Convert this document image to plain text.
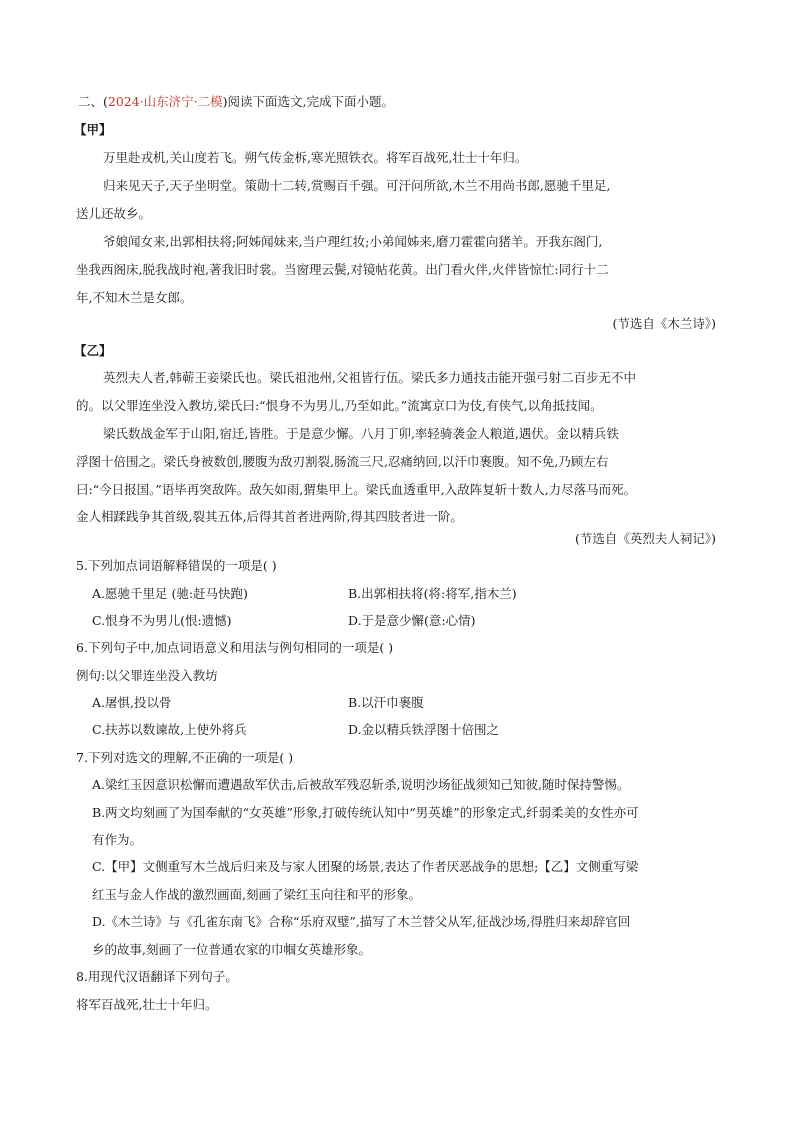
二、(2024·山东济宁·二模)阅读下面选文,完成下面小题。
【甲】
万里赴戎机,关山度若飞。朔气传金柝,寒光照铁衣。将军百战死,壮士十年归。
归来见天子,天子坐明堂。策勋十二转,赏赐百千强。可汗问所欲,木兰不用尚书郎,愿驰千里足,
送儿还故乡。
爷娘闻女来,出郭相扶将;阿姊闻妹来,当户理红妆;小弟闻姊来,磨刀霍霍向猪羊。开我东阁门,
坐我西阁床,脱我战时袍,著我旧时裳。当窗理云鬓,对镜帖花黄。出门看火伴,火伴皆惊忙:同行十二
年,不知木兰是女郎。
(节选自《木兰诗》)
【乙】
英烈夫人者,韩蕲王妾梁氏也。梁氏祖池州,父祖皆行伍。梁氏多力通技击能开强弓射二百步无不中
的。以父罪连坐没入教坊,梁氏曰:“恨身不为男儿,乃至如此。”流寓京口为伎,有侠气,以角抵技闻。
梁氏数战金军于山阳,宿迁,皆胜。于是意少懈。八月丁卯,率轻骑袭金人粮道,遇伏。金以精兵铁
浮图十倍围之。梁氏身被数创,腰腹为敌刃割裂,肠流三尺,忍痛纳回,以汗巾裹腹。知不免,乃顾左右
曰:“今日报国。”语毕再突敌阵。敌矢如雨,猬集甲上。梁氏血透重甲,入敌阵复斩十数人,力尽落马而死。
金人相蹂践争其首级,裂其五体,后得其首者进两阶,得其四肢者进一阶。
(节选自《英烈夫人祠记》)
5.下列加点词语解释错误的一项是( )
A.愿驰千里足 (驰:赶马快跑)	B.出郭相扶将(将:将军,指木兰)
C.恨身不为男儿(恨:遗憾)	D.于是意少懈(意:心情)
6.下列句子中,加点词语意义和用法与例句相同的一项是( )
例句:以父罪连坐没入教坊
A.屠惧,投以骨	B.以汗巾裹腹
C.扶苏以数谏故,上使外将兵	D.金以精兵铁浮图十倍围之
7.下列对选文的理解,不正确的一项是( )
A.梁红玉因意识松懈而遭遇敌军伏击,后被敌军残忍斩杀,说明沙场征战须知己知彼,随时保持警惕。
B.两文均刻画了为国奉献的“女英雄”形象,打破传统认知中“男英雄”的形象定式,纤弱柔美的女性亦可
有作为。
C.【甲】文侧重写木兰战后归来及与家人团聚的场景,表达了作者厌恶战争的思想;【乙】文侧重写梁
红玉与金人作战的激烈画面,刻画了梁红玉向往和平的形象。
D.《木兰诗》与《孔雀东南飞》合称“乐府双璧”,描写了木兰替父从军,征战沙场,得胜归来却辞官回
乡的故事,刻画了一位普通农家的巾帼女英雄形象。
8.用现代汉语翻译下列句子。
将军百战死,壮士十年归。
